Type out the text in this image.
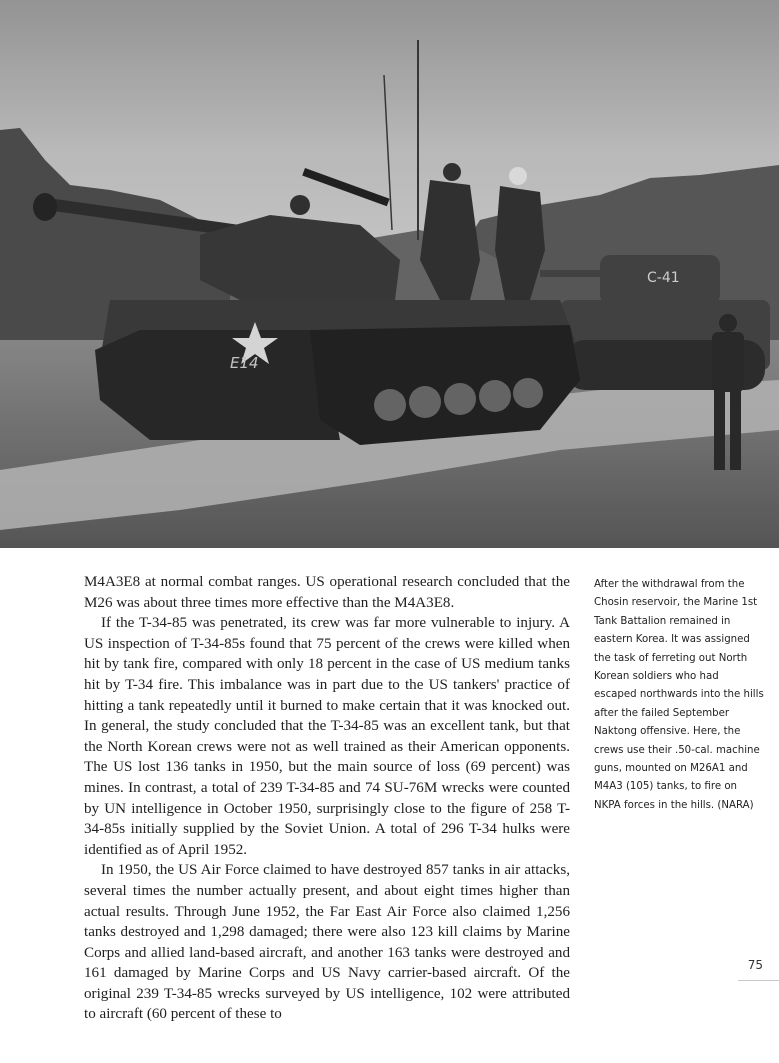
C-41
E14

M4A3E8 at normal combat ranges. US operational research concluded that the M26 was about three times more effective than the M4A3E8.

If the T-34-85 was penetrated, its crew was far more vulnerable to injury. A US inspection of T-34-85s found that 75 percent of the crews were killed when hit by tank fire, compared with only 18 percent in the case of US medium tanks hit by T-34 fire. This imbalance was in part due to the US tankers' practice of hitting a tank repeatedly until it burned to make certain that it was knocked out. In general, the study concluded that the T-34-85 was an excellent tank, but that the North Korean crews were not as well trained as their American opponents. The US lost 136 tanks in 1950, but the main source of loss (69 percent) was mines. In contrast, a total of 239 T-34-85 and 74 SU-76M wrecks were counted by UN intelligence in October 1950, surprisingly close to the figure of 258 T-34-85s initially supplied by the Soviet Union. A total of 296 T-34 hulks were identified as of April 1952.

In 1950, the US Air Force claimed to have destroyed 857 tanks in air attacks, several times the number actually present, and about eight times higher than actual results. Through June 1952, the Far East Air Force also claimed 1,256 tanks destroyed and 1,298 damaged; there were also 123 kill claims by Marine Corps and allied land-based aircraft, and another 163 tanks were destroyed and 161 damaged by Marine Corps and US Navy carrier-based aircraft. Of the original 239 T-34-85 wrecks surveyed by US intelligence, 102 were attributed to aircraft (60 percent of these to

After the withdrawal from the Chosin reservoir, the Marine 1st Tank Battalion remained in eastern Korea. It was assigned the task of ferreting out North Korean soldiers who had escaped northwards into the hills after the failed September Naktong offensive. Here, the crews use their .50-cal. machine guns, mounted on M26A1 and M4A3 (105) tanks, to fire on NKPA forces in the hills. (NARA)
75
